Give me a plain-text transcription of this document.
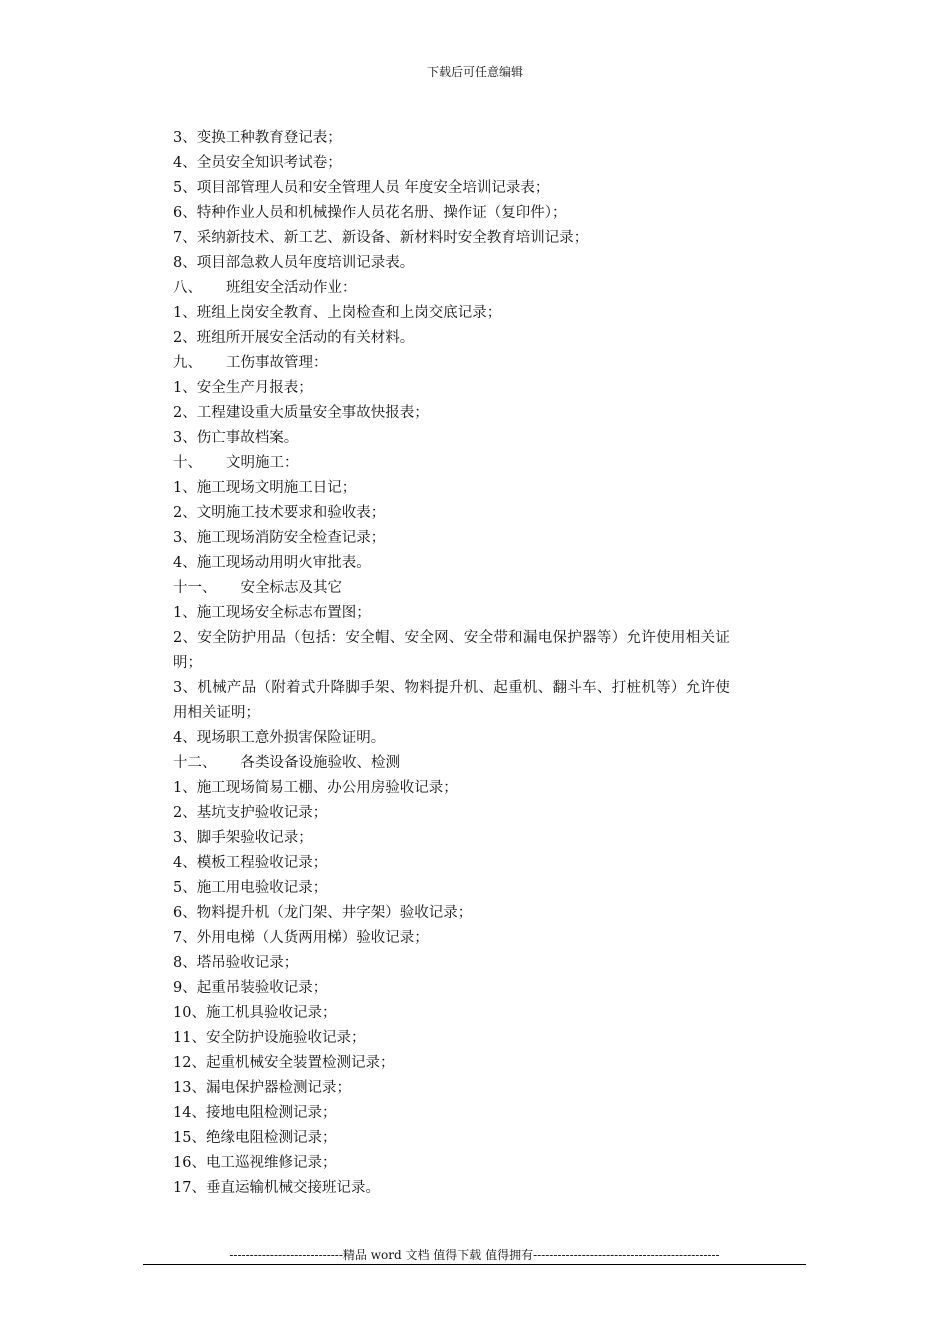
下载后可任意编辑
3、变换工种教育登记表；
4、全员安全知识考试卷；
5、项目部管理人员和安全管理人员 年度安全培训记录表；
6、特种作业人员和机械操作人员花名册、操作证（复印件）；
7、采纳新技术、新工艺、新设备、新材料时安全教育培训记录；
8、项目部急救人员年度培训记录表。
八、 班组安全活动作业：
1、班组上岗安全教育、上岗检查和上岗交底记录；
2、班组所开展安全活动的有关材料。
九、 工伤事故管理：
1、安全生产月报表；
2、工程建设重大质量安全事故快报表；
3、伤亡事故档案。
十、 文明施工：
1、施工现场文明施工日记；
2、文明施工技术要求和验收表；
3、施工现场消防安全检查记录；
4、施工现场动用明火审批表。
十一、 安全标志及其它
1、施工现场安全标志布置图；
2、安全防护用品（包括：安全帽、安全网、安全带和漏电保护器等）允许使用相关证
明；
3、机械产品（附着式升降脚手架、物料提升机、起重机、翻斗车、打桩机等）允许使
用相关证明；
4、现场职工意外损害保险证明。
十二、 各类设备设施验收、检测
1、施工现场简易工棚、办公用房验收记录；
2、基坑支护验收记录；
3、脚手架验收记录；
4、模板工程验收记录；
5、施工用电验收记录；
6、物料提升机（龙门架、井字架）验收记录；
7、外用电梯（人货两用梯）验收记录；
8、塔吊验收记录；
9、起重吊装验收记录；
10、施工机具验收记录；
11、安全防护设施验收记录；
12、起重机械安全装置检测记录；
13、漏电保护器检测记录；
14、接地电阻检测记录；
15、绝缘电阻检测记录；
16、电工巡视维修记录；
17、垂直运输机械交接班记录。
----------------------------精品 word 文档 值得下载 值得拥有----------------------------------------------
